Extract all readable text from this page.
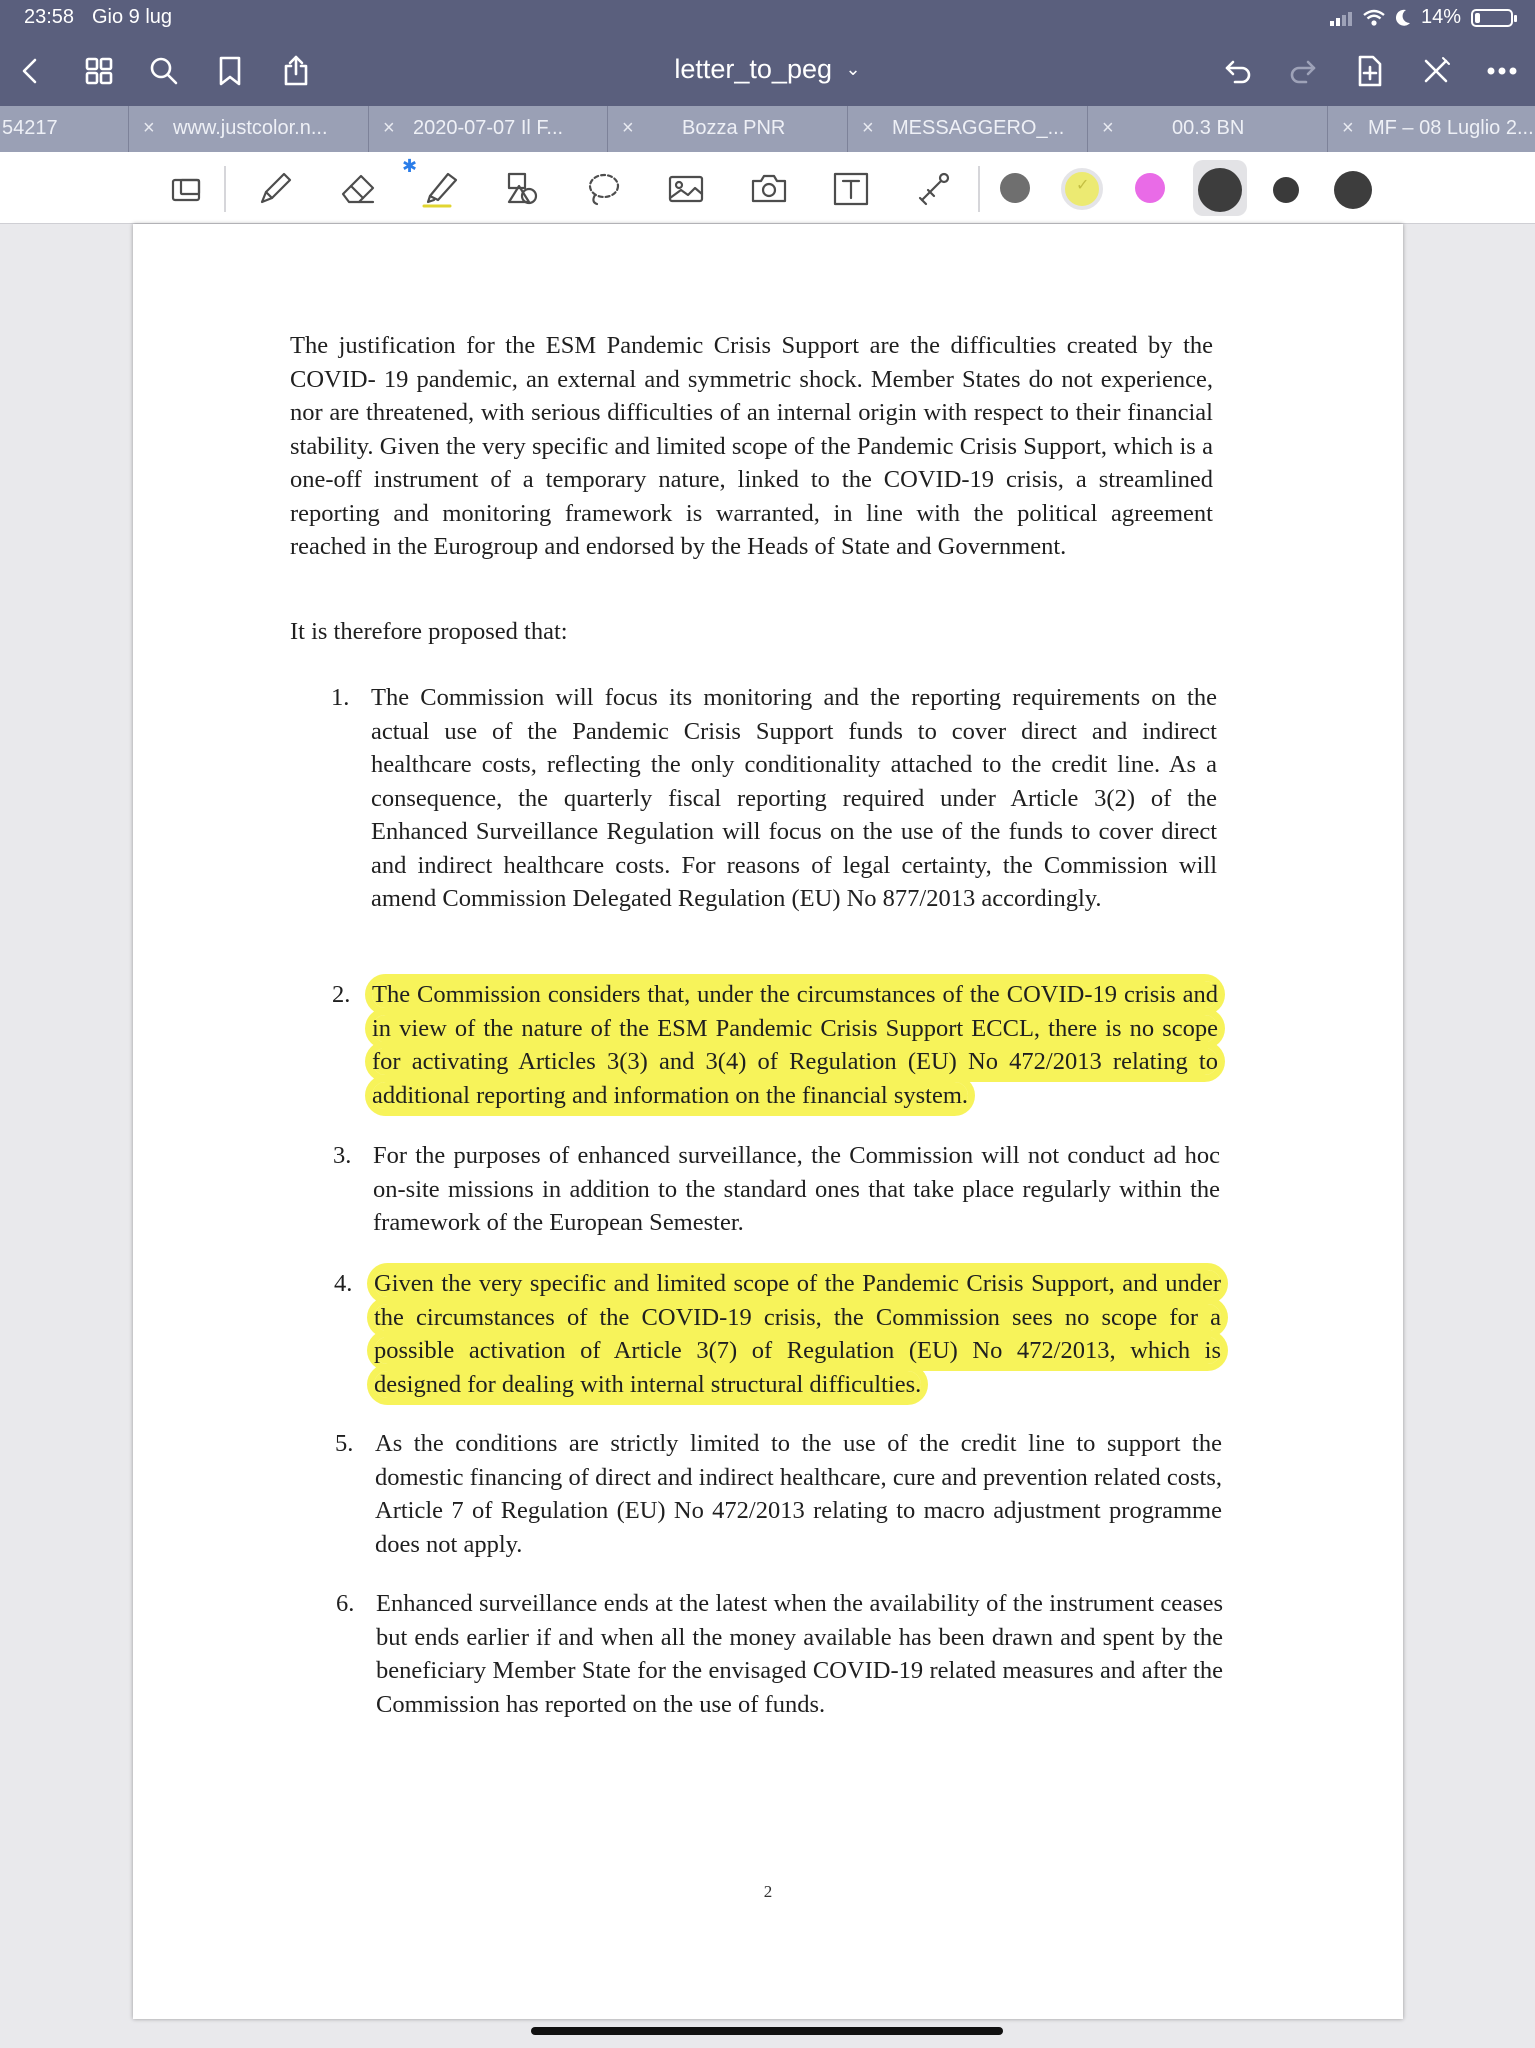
23:58 Gio 9 lug	14%
letter_to_peg ⌄
54217	× www.justcolor.n...	× 2020-07-07 Il F...	× Bozza PNR	× MESSAGGERO_... ×	00.3 BN	× MF – 08 Luglio 2...
✱
✓

The justification for the ESM Pandemic Crisis Support are the difficulties created by the COVID- 19 pandemic, an external and symmetric shock. Member States do not experience, nor are threatened, with serious difficulties of an internal origin with respect to their financial stability. Given the very specific and limited scope of the Pandemic Crisis Support, which is a one-off instrument of a temporary nature, linked to the COVID-19 crisis, a streamlined reporting and monitoring framework is warranted, in line with the political agreement reached in the Eurogroup and endorsed by the Heads of State and Government.

It is therefore proposed that:

1. The Commission will focus its monitoring and the reporting requirements on the actual use of the Pandemic Crisis Support funds to cover direct and indirect healthcare costs, reflecting the only conditionality attached to the credit line. As a consequence, the quarterly fiscal reporting required under Article 3(2) of the Enhanced Surveillance Regulation will focus on the use of the funds to cover direct and indirect healthcare costs. For reasons of legal certainty, the Commission will amend Commission Delegated Regulation (EU) No 877/2013 accordingly.
2. The Commission considers that, under the circumstances of the COVID-19 crisis and in view of the nature of the ESM Pandemic Crisis Support ECCL, there is no scope for activating Articles 3(3) and 3(4) of Regulation (EU) No 472/2013 relating to additional reporting and information on the financial system.
3. For the purposes of enhanced surveillance, the Commission will not conduct ad hoc on-site missions in addition to the standard ones that take place regularly within the framework of the European Semester.
4. Given the very specific and limited scope of the Pandemic Crisis Support, and under the circumstances of the COVID-19 crisis, the Commission sees no scope for a possible activation of Article 3(7) of Regulation (EU) No 472/2013, which is designed for dealing with internal structural difficulties.
5. As the conditions are strictly limited to the use of the credit line to support the domestic financing of direct and indirect healthcare, cure and prevention related costs, Article 7 of Regulation (EU) No 472/2013 relating to macro adjustment programme does not apply.
6. Enhanced surveillance ends at the latest when the availability of the instrument ceases but ends earlier if and when all the money available has been drawn and spent by the beneficiary Member State for the envisaged COVID-19 related measures and after the Commission has reported on the use of funds.
2
